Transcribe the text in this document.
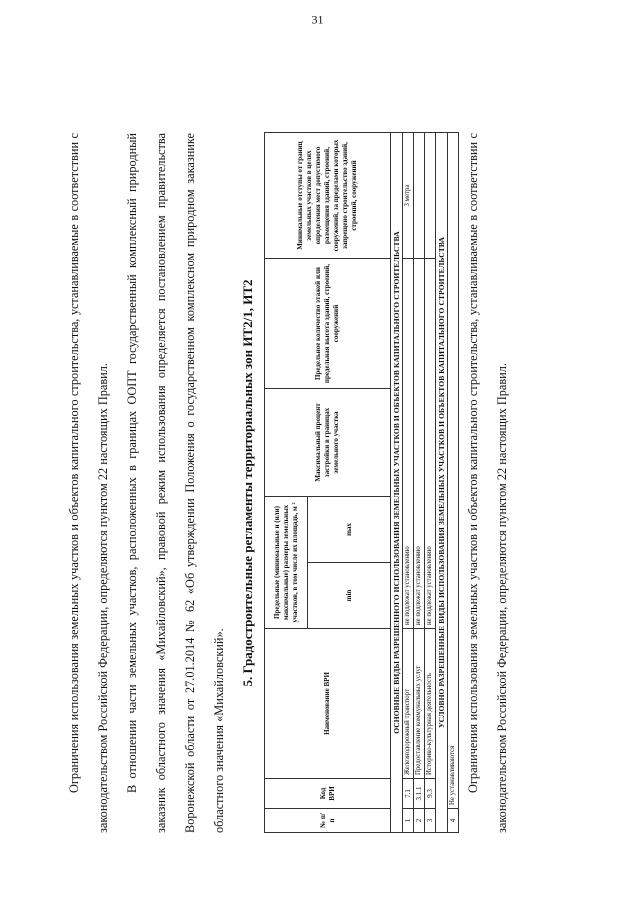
31

Ограничения использования земельных участков и объектов капитального строительства, устанавливаемые в соответствии с законодательством Российской Федерации, определяются пунктом 22 настоящих Правил.	В отношении части земельных участков, расположенных в границах ООПТ государственный комплексный природный заказник областного значения «Михайловский», правовой режим использования определяется постановлением правительства Воронежской области от 27.01.2014 № 62 «Об утверждении Положения о государственном комплексном природном заказнике областного значения «Михайловский».

5. Градостроительные регламенты территориальных зон ИТ2/1, ИТ2
№ п/п	Код ВРИ	Наименование ВРИ	Предельные (минимальные и (или) максимальные) размеры земельных участков, в том числе их площадь, м ²		Максимальный процент застройки в границах земельного участка	Предельное количество этажей или предельная высота зданий, строений, сооружений	Минимальные отступы от границ земельных участков в целях определения мест допустимого размещения зданий, строений, сооружений, за пределами которых запрещено строительство зданий, строений, сооружений
			min	max			
ОСНОВНЫЕ ВИДЫ РАЗРЕШЕННОГО ИСПОЛЬЗОВАНИЯ ЗЕМЕЛЬНЫХ УЧАСТКОВ И ОБЪЕКТОВ КАПИТАЛЬНОГО СТРОИТЕЛЬСТВА							
1	7.1	Железнодорожный транспорт	не подлежат установлению				3 метра
2	3.1.1	Предоставление коммунальных услуг	не подлежат установлению				
3	9.3	Историко-культурная деятельность	не подлежат установлению				
УСЛОВНО РАЗРЕШЕННЫЕ ВИДЫ ИСПОЛЬЗОВАНИЯ ЗЕМЕЛЬНЫХ УЧАСТКОВ И ОБЪЕКТОВ КАПИТАЛЬНОГО СТРОИТЕЛЬСТВА							
4	Не устанавливаются						Ограничения использования земельных участков и объектов капитального строительства, устанавливаемые в соответствии с законодательством Российской Федерации, определяются пунктом 22 настоящих Правил.
